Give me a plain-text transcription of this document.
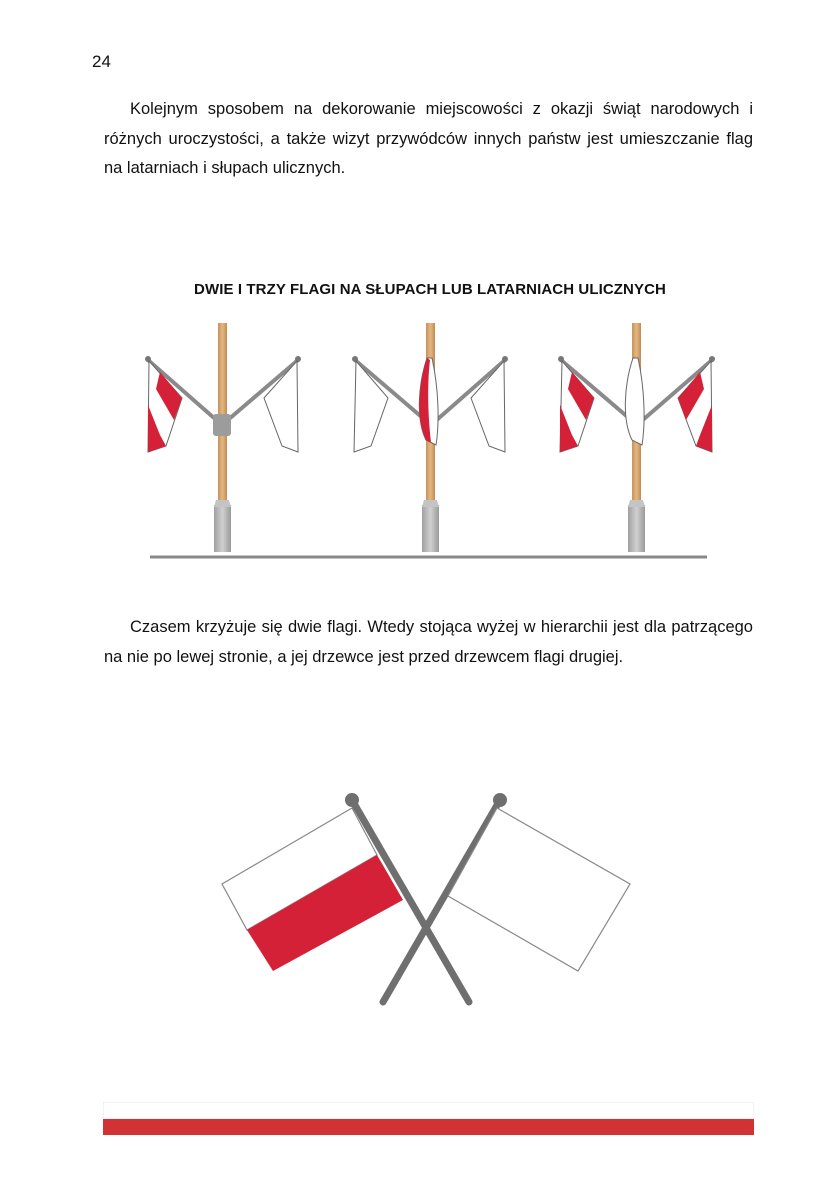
24

Kolejnym sposobem na dekorowanie miejscowości z okazji świąt narodowych i różnych uroczystości, a także wizyt przywódców innych państw jest umieszczanie flag na latarniach i słupach ulicznych.

DWIE I TRZY FLAGI NA SŁUPACH LUB LATARNIACH ULICZNYCH

Czasem krzyżuje się dwie flagi. Wtedy stojąca wyżej w hierarchii jest dla patrzącego na nie po lewej stronie, a jej drzewce jest przed drzewcem flagi drugiej.
